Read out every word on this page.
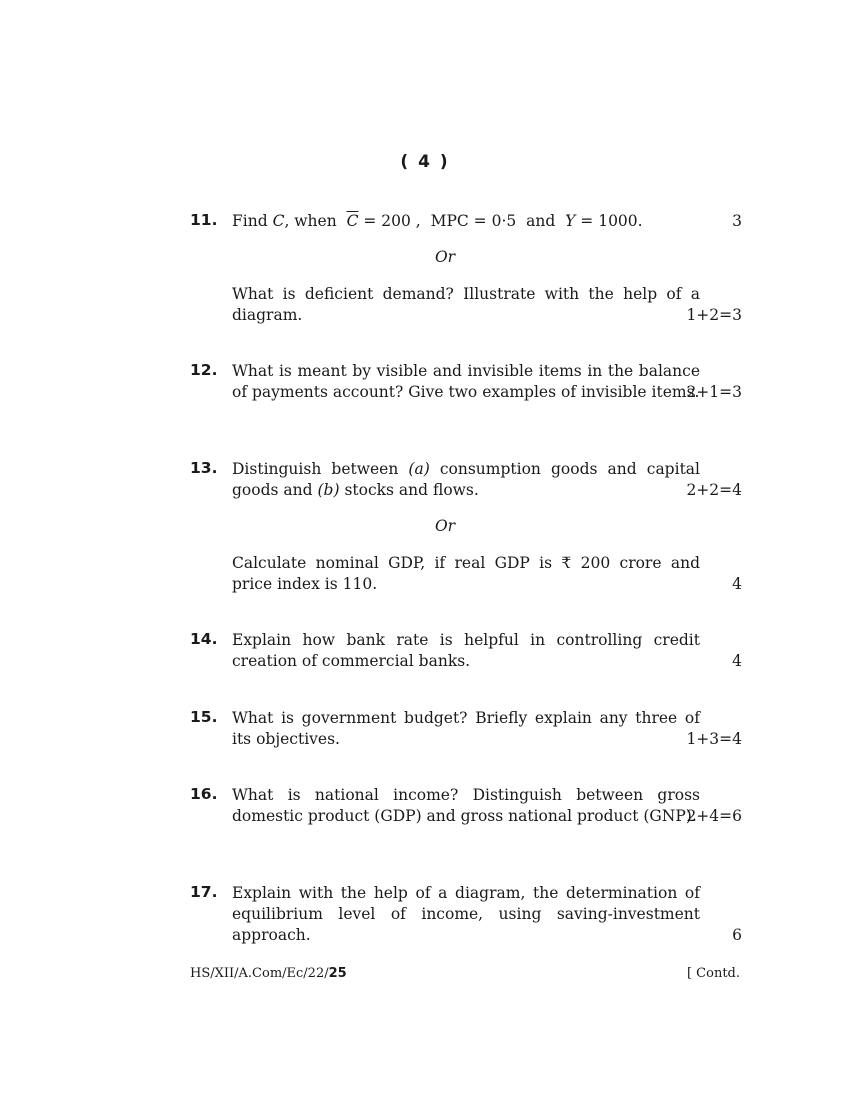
( 4 )
11. Find
C , when
$\overline{C}$
= 200 ,
MPC = 0·5
and
Y
= 1000.	3
Or
What is deficient demand? Illustrate with the help of a diagram.	1+2=3
12. What is meant by visible and invisible items in the balance of payments account? Give two examples of invisible items.
2+1=3
13. Distinguish between (a) consumption goods and capital goods and (b) stocks and flows.	2+2=4
Or
Calculate nominal GDP, if real GDP is ₹ 200 crore and price index is 110.	4
14. Explain how bank rate is helpful in controlling credit creation of commercial banks.	4
15. What is government budget? Briefly explain any three of its objectives.	1+3=4
16. What is national income? Distinguish between gross domestic product (GDP) and gross national product (GNP).
2+4=6
17. Explain with the help of a diagram, the determination of equilibrium level of income, using saving-investment approach.	6
HS/XII/A.Com/Ec/22/25	[ Contd.
